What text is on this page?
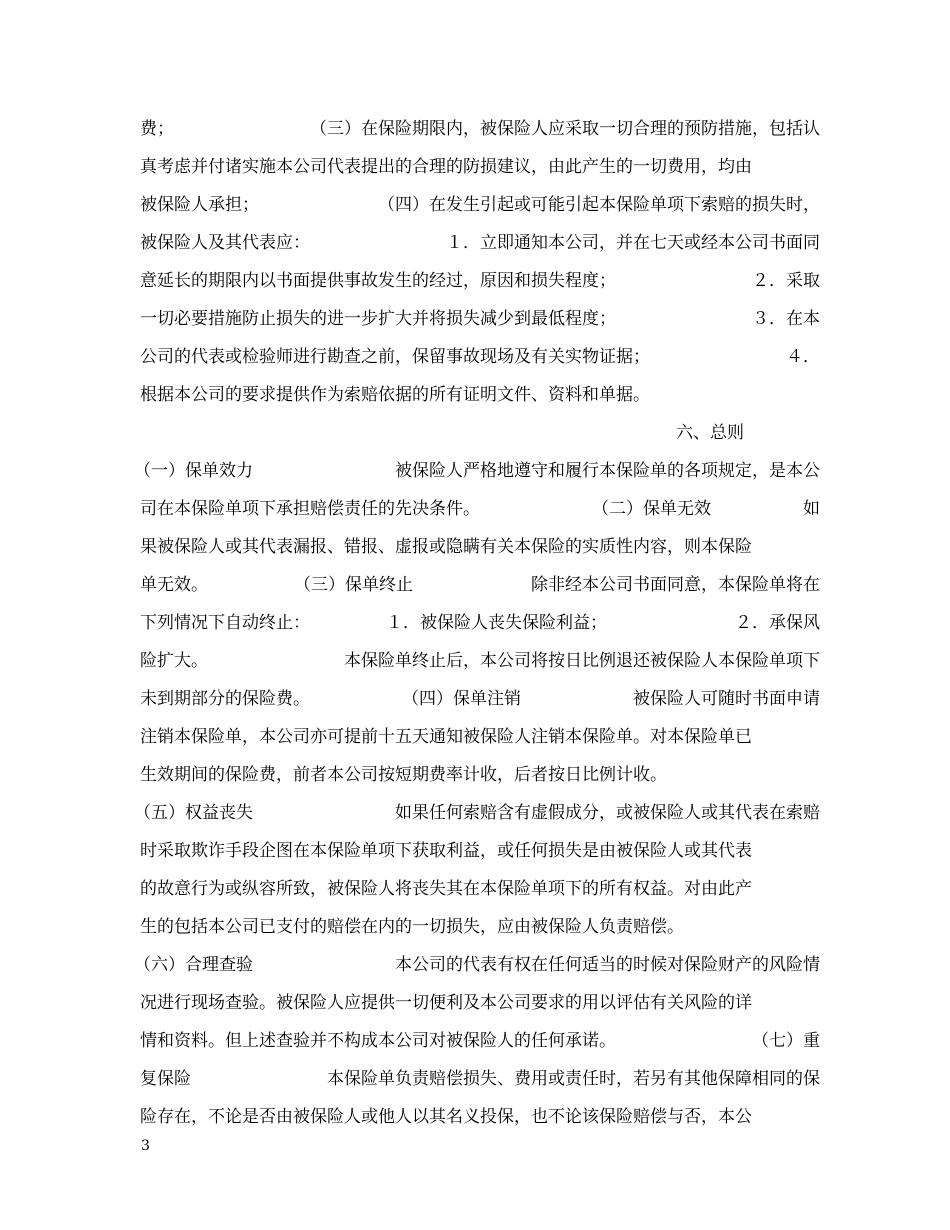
费；	（三）在保险期限内，被保险人应采取一切合理的预防措施，包括认
真考虑并付诸实施本公司代表提出的合理的防损建议，由此产生的一切费用，均由
被保险人承担；	（四）在发生引起或可能引起本保险单项下索赔的损失时，
被保险人及其代表应：	１．立即通知本公司，并在七天或经本公司书面同
意延长的期限内以书面提供事故发生的经过，原因和损失程度；	２．采取
一切必要措施防止损失的进一步扩大并将损失减少到最低程度；	３．在本
公司的代表或检验师进行勘查之前，保留事故现场及有关实物证据；	４．
根据本公司的要求提供作为索赔依据的所有证明文件、资料和单据。
六、总则
（一）保单效力	被保险人严格地遵守和履行本保险单的各项规定，是本公
司在本保险单项下承担赔偿责任的先决条件。	（二）保单无效	如
果被保险人或其代表漏报、错报、虚报或隐瞒有关本保险的实质性内容，则本保险
单无效。	（三）保单终止	除非经本公司书面同意，本保险单将在
下列情况下自动终止：	１．被保险人丧失保险利益；	２．承保风
险扩大。	本保险单终止后，本公司将按日比例退还被保险人本保险单项下
未到期部分的保险费。	（四）保单注销	被保险人可随时书面申请
注销本保险单，本公司亦可提前十五天通知被保险人注销本保险单。对本保险单已
生效期间的保险费，前者本公司按短期费率计收，后者按日比例计收。
（五）权益丧失	如果任何索赔含有虚假成分，或被保险人或其代表在索赔
时采取欺诈手段企图在本保险单项下获取利益，或任何损失是由被保险人或其代表
的故意行为或纵容所致，被保险人将丧失其在本保险单项下的所有权益。对由此产
生的包括本公司已支付的赔偿在内的一切损失，应由被保险人负责赔偿。
（六）合理查验	本公司的代表有权在任何适当的时候对保险财产的风险情
况进行现场查验。被保险人应提供一切便利及本公司要求的用以评估有关风险的详
情和资料。但上述查验并不构成本公司对被保险人的任何承诺。	（七）重
复保险	本保险单负责赔偿损失、费用或责任时，若另有其他保障相同的保
险存在，不论是否由被保险人或他人以其名义投保，也不论该保险赔偿与否，本公
3
